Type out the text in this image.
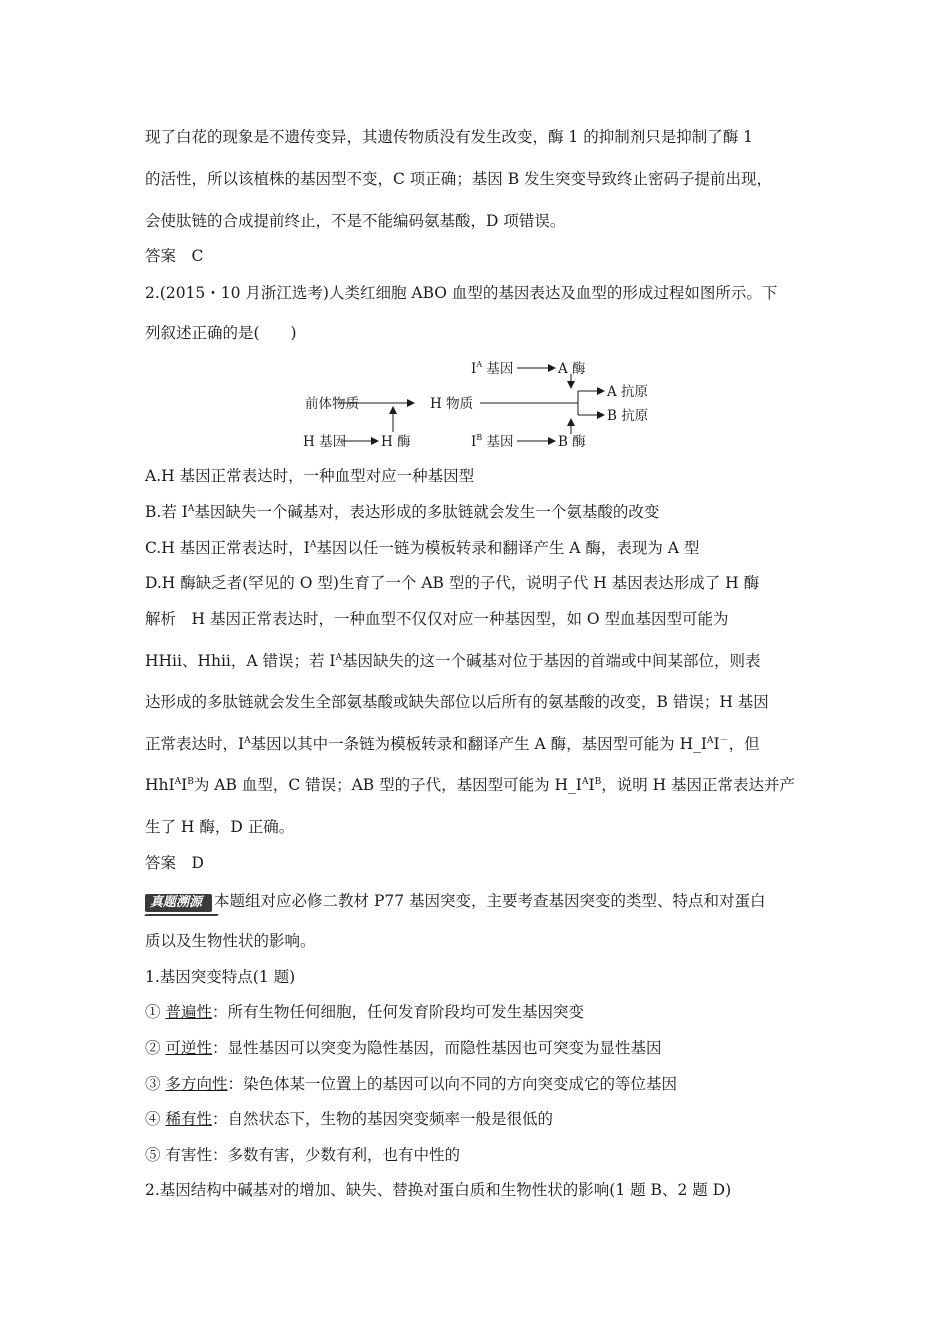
现了白花的现象是不遗传变异，其遗传物质没有发生改变，酶 1 的抑制剂只是抑制了酶 1
的活性，所以该植株的基因型不变，C 项正确；基因 B 发生突变导致终止密码子提前出现，
会使肽链的合成提前终止，不是不能编码氨基酸，D 项错误。
答案　C
2.(2015・10 月浙江选考)人类红细胞 ABO 血型的基因表达及血型的形成过程如图所示。下
列叙述正确的是(　　)
前体物质	H 物质
H 基因	H 酶
$I^A$ 基因	A 酶
A 抗原
B 抗原
$I^B$ 基因	B 酶
A.H 基因正常表达时，一种血型对应一种基因型
B.若 $I^A$基因缺失一个碱基对，表达形成的多肽链就会发生一个氨基酸的改变
C.H 基因正常表达时，$I^A$基因以任一链为模板转录和翻译产生 A 酶，表现为 A 型
D.H 酶缺乏者(罕见的 O 型)生育了一个 AB 型的子代，说明子代 H 基因表达形成了 H 酶
解析　H 基因正常表达时，一种血型不仅仅对应一种基因型，如 O 型血基因型可能为
HHii、Hhii，A 错误；若 $I^A$基因缺失的这一个碱基对位于基因的首端或中间某部位，则表
达形成的多肽链就会发生全部氨基酸或缺失部位以后所有的氨基酸的改变，B 错误；H 基因
正常表达时，$I^A$基因以其中一条链为模板转录和翻译产生 A 酶，基因型可能为 $H\_I^AI^-$，但
$HhI^AI^B$为 AB 血型，C 错误；AB 型的子代，基因型可能为 $H\_I^AI^B$，说明 H 基因正常表达并产
生了 H 酶，D 正确。
答案　D
真题溯源 本题组对应必修二教材 P77 基因突变，主要考查基因突变的类型、特点和对蛋白
质以及生物性状的影响。
1.基因突变特点(1 题)
① 普遍性：所有生物任何细胞，任何发育阶段均可发生基因突变
② 可逆性：显性基因可以突变为隐性基因，而隐性基因也可突变为显性基因
③ 多方向性：染色体某一位置上的基因可以向不同的方向突变成它的等位基因
④ 稀有性：自然状态下，生物的基因突变频率一般是很低的
⑤ 有害性：多数有害，少数有利，也有中性的
2.基因结构中碱基对的增加、缺失、替换对蛋白质和生物性状的影响(1 题 B、2 题 D)
